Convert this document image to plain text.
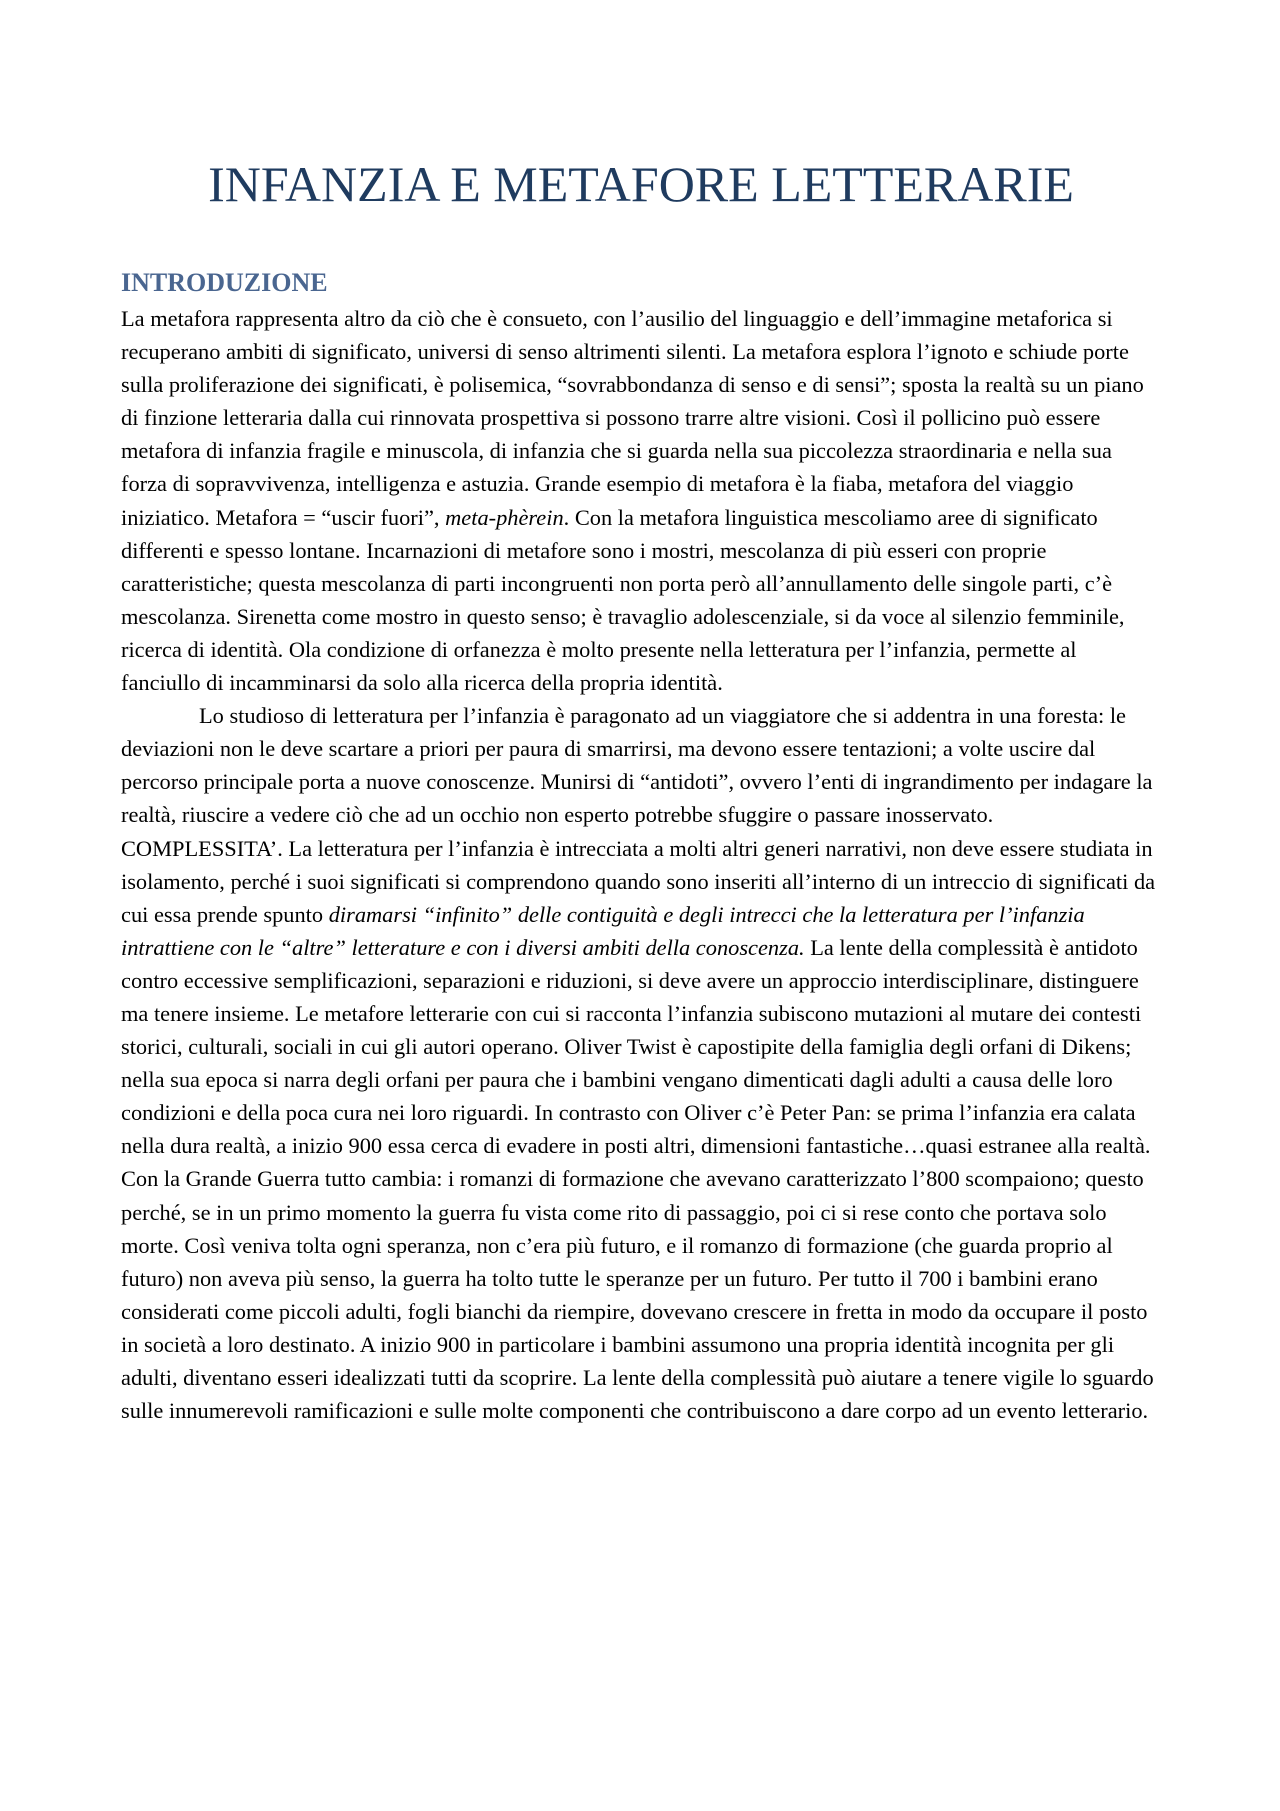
INFANZIA E METAFORE LETTERARIE
INTRODUZIONE

La metafora rappresenta altro da ciò che è consueto, con l’ausilio del linguaggio e dell’immagine metaforica si recuperano ambiti di significato, universi di senso altrimenti silenti. La metafora esplora l’ignoto e schiude porte sulla proliferazione dei significati, è polisemica, “sovrabbondanza di senso e di sensi”; sposta la realtà su un piano di finzione letteraria dalla cui rinnovata prospettiva si possono trarre altre visioni. Così il pollicino può essere metafora di infanzia fragile e minuscola, di infanzia che si guarda nella sua piccolezza straordinaria e nella sua forza di sopravvivenza, intelligenza e astuzia. Grande esempio di metafora è la fiaba, metafora del viaggio iniziatico. Metafora = “uscir fuori”, meta-phèrein. Con la metafora linguistica mescoliamo aree di significato differenti e spesso lontane. Incarnazioni di metafore sono i mostri, mescolanza di più esseri con proprie caratteristiche; questa mescolanza di parti incongruenti non porta però all’annullamento delle singole parti, c’è mescolanza. Sirenetta come mostro in questo senso; è travaglio adolescenziale, si da voce al silenzio femminile, ricerca di identità. Ola condizione di orfanezza è molto presente nella letteratura per l’infanzia, permette al fanciullo di incamminarsi da solo alla ricerca della propria identità.

Lo studioso di letteratura per l’infanzia è paragonato ad un viaggiatore che si addentra in una foresta: le deviazioni non le deve scartare a priori per paura di smarrirsi, ma devono essere tentazioni; a volte uscire dal percorso principale porta a nuove conoscenze. Munirsi di “antidoti”, ovvero l’enti di ingrandimento per indagare la realtà, riuscire a vedere ciò che ad un occhio non esperto potrebbe sfuggire o passare inosservato.

COMPLESSITA’. La letteratura per l’infanzia è intrecciata a molti altri generi narrativi, non deve essere studiata in isolamento, perché i suoi significati si comprendono quando sono inseriti all’interno di un intreccio di significati da cui essa prende spunto diramarsi “infinito” delle contiguità e degli intrecci che la letteratura per l’infanzia intrattiene con le “altre” letterature e con i diversi ambiti della conoscenza. La lente della complessità è antidoto contro eccessive semplificazioni, separazioni e riduzioni, si deve avere un approccio interdisciplinare, distinguere ma tenere insieme. Le metafore letterarie con cui si racconta l’infanzia subiscono mutazioni al mutare dei contesti storici, culturali, sociali in cui gli autori operano. Oliver Twist è capostipite della famiglia degli orfani di Dikens; nella sua epoca si narra degli orfani per paura che i bambini vengano dimenticati dagli adulti a causa delle loro condizioni e della poca cura nei loro riguardi. In contrasto con Oliver c’è Peter Pan: se prima l’infanzia era calata nella dura realtà, a inizio 900 essa cerca di evadere in posti altri, dimensioni fantastiche…quasi estranee alla realtà. Con la Grande Guerra tutto cambia: i romanzi di formazione che avevano caratterizzato l’800 scompaiono; questo perché, se in un primo momento la guerra fu vista come rito di passaggio, poi ci si rese conto che portava solo morte. Così veniva tolta ogni speranza, non c’era più futuro, e il romanzo di formazione (che guarda proprio al futuro) non aveva più senso, la guerra ha tolto tutte le speranze per un futuro. Per tutto il 700 i bambini erano considerati come piccoli adulti, fogli bianchi da riempire, dovevano crescere in fretta in modo da occupare il posto in società a loro destinato. A inizio 900 in particolare i bambini assumono una propria identità incognita per gli adulti, diventano esseri idealizzati tutti da scoprire. La lente della complessità può aiutare a tenere vigile lo sguardo sulle innumerevoli ramificazioni e sulle molte componenti che contribuiscono a dare corpo ad un evento letterario.
